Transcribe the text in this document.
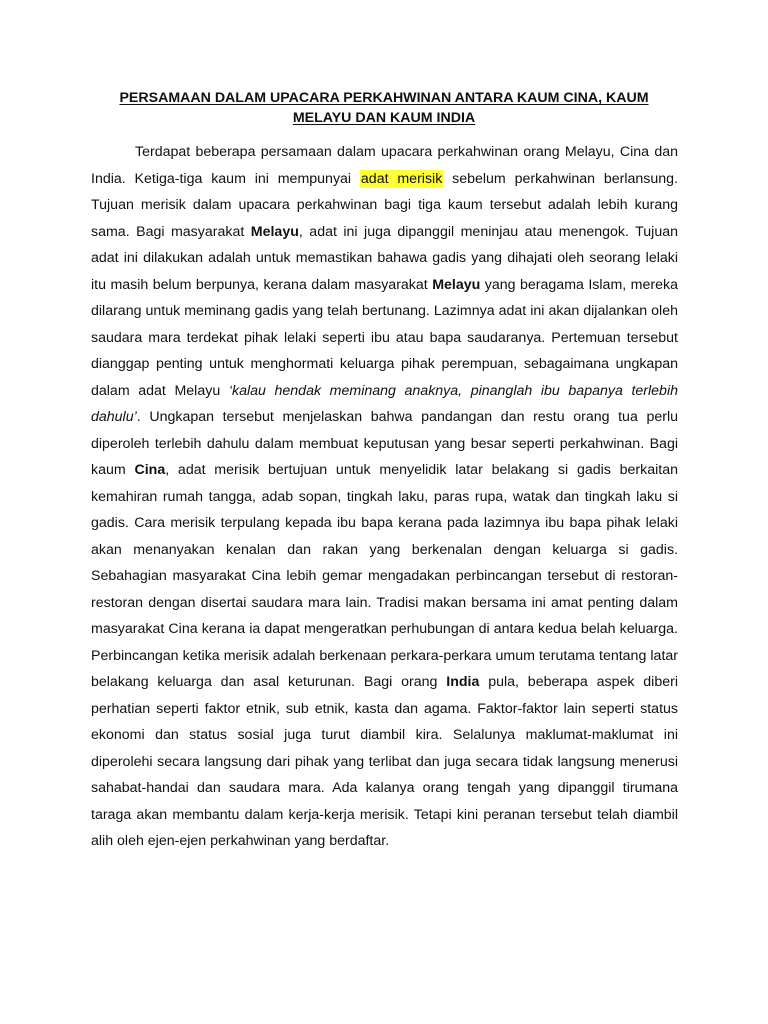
PERSAMAAN DALAM UPACARA PERKAHWINAN ANTARA KAUM CINA, KAUM MELAYU DAN KAUM INDIA

Terdapat beberapa persamaan dalam upacara perkahwinan orang Melayu, Cina dan India. Ketiga-tiga kaum ini mempunyai adat merisik sebelum perkahwinan berlansung. Tujuan merisik dalam upacara perkahwinan bagi tiga kaum tersebut adalah lebih kurang sama. Bagi masyarakat Melayu, adat ini juga dipanggil meninjau atau menengok. Tujuan adat ini dilakukan adalah untuk memastikan bahawa gadis yang dihajati oleh seorang lelaki itu masih belum berpunya, kerana dalam masyarakat Melayu yang beragama Islam, mereka dilarang untuk meminang gadis yang telah bertunang. Lazimnya adat ini akan dijalankan oleh saudara mara terdekat pihak lelaki seperti ibu atau bapa saudaranya. Pertemuan tersebut dianggap penting untuk menghormati keluarga pihak perempuan, sebagaimana ungkapan dalam adat Melayu ‘kalau hendak meminang anaknya, pinanglah ibu bapanya terlebih dahulu’. Ungkapan tersebut menjelaskan bahwa pandangan dan restu orang tua perlu diperoleh terlebih dahulu dalam membuat keputusan yang besar seperti perkahwinan. Bagi kaum Cina, adat merisik bertujuan untuk menyelidik latar belakang si gadis berkaitan kemahiran rumah tangga, adab sopan, tingkah laku, paras rupa, watak dan tingkah laku si gadis. Cara merisik terpulang kepada ibu bapa kerana pada lazimnya ibu bapa pihak lelaki akan menanyakan kenalan dan rakan yang berkenalan dengan keluarga si gadis. Sebahagian masyarakat Cina lebih gemar mengadakan perbincangan tersebut di restoran-restoran dengan disertai saudara mara lain. Tradisi makan bersama ini amat penting dalam masyarakat Cina kerana ia dapat mengeratkan perhubungan di antara kedua belah keluarga. Perbincangan ketika merisik adalah berkenaan perkara-perkara umum terutama tentang latar belakang keluarga dan asal keturunan. Bagi orang India pula, beberapa aspek diberi perhatian seperti faktor etnik, sub etnik, kasta dan agama. Faktor-faktor lain seperti status ekonomi dan status sosial juga turut diambil kira. Selalunya maklumat-maklumat ini diperolehi secara langsung dari pihak yang terlibat dan juga secara tidak langsung menerusi sahabat-handai dan saudara mara. Ada kalanya orang tengah yang dipanggil tirumana taraga akan membantu dalam kerja-kerja merisik. Tetapi kini peranan tersebut telah diambil alih oleh ejen-ejen perkahwinan yang berdaftar.
